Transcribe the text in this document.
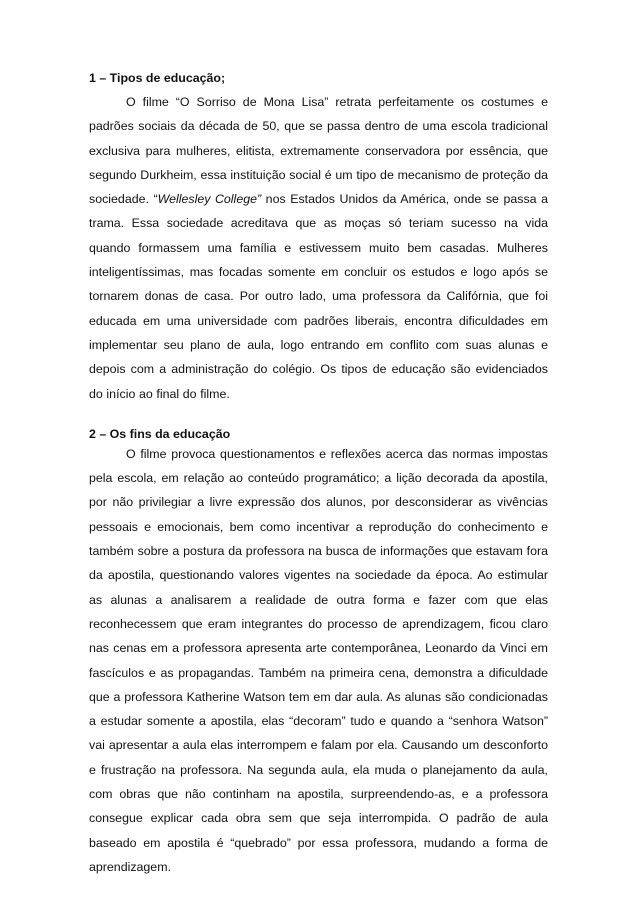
1 – Tipos de educação;

O filme “O Sorriso de Mona Lisa” retrata perfeitamente os costumes e padrões sociais da década de 50, que se passa dentro de uma escola tradicional exclusiva para mulheres, elitista, extremamente conservadora por essência, que segundo Durkheim, essa instituição social é um tipo de mecanismo de proteção da sociedade. “Wellesley College” nos Estados Unidos da América, onde se passa a trama. Essa sociedade acreditava que as moças só teriam sucesso na vida quando formassem uma família e estivessem muito bem casadas. Mulheres inteligentíssimas, mas focadas somente em concluir os estudos e logo após se tornarem donas de casa. Por outro lado, uma professora da Califórnia, que foi educada em uma universidade com padrões liberais, encontra dificuldades em implementar seu plano de aula, logo entrando em conflito com suas alunas e depois com a administração do colégio. Os tipos de educação são evidenciados do início ao final do filme.

2 – Os fins da educação

O filme provoca questionamentos e reflexões acerca das normas impostas pela escola, em relação ao conteúdo programático; a lição decorada da apostila, por não privilegiar a livre expressão dos alunos, por desconsiderar as vivências pessoais e emocionais, bem como incentivar a reprodução do conhecimento e também sobre a postura da professora na busca de informações que estavam fora da apostila, questionando valores vigentes na sociedade da época. Ao estimular as alunas a analisarem a realidade de outra forma e fazer com que elas reconhecessem que eram integrantes do processo de aprendizagem, ficou claro nas cenas em a professora apresenta arte contemporânea, Leonardo da Vinci em fascículos e as propagandas. Também na primeira cena, demonstra a dificuldade que a professora Katherine Watson tem em dar aula. As alunas são condicionadas a estudar somente a apostila, elas “decoram” tudo e quando a “senhora Watson” vai apresentar a aula elas interrompem e falam por ela. Causando um desconforto e frustração na professora. Na segunda aula, ela muda o planejamento da aula, com obras que não continham na apostila, surpreendendo-as, e a professora consegue explicar cada obra sem que seja interrompida. O padrão de aula baseado em apostila é “quebrado” por essa professora, mudando a forma de aprendizagem.
